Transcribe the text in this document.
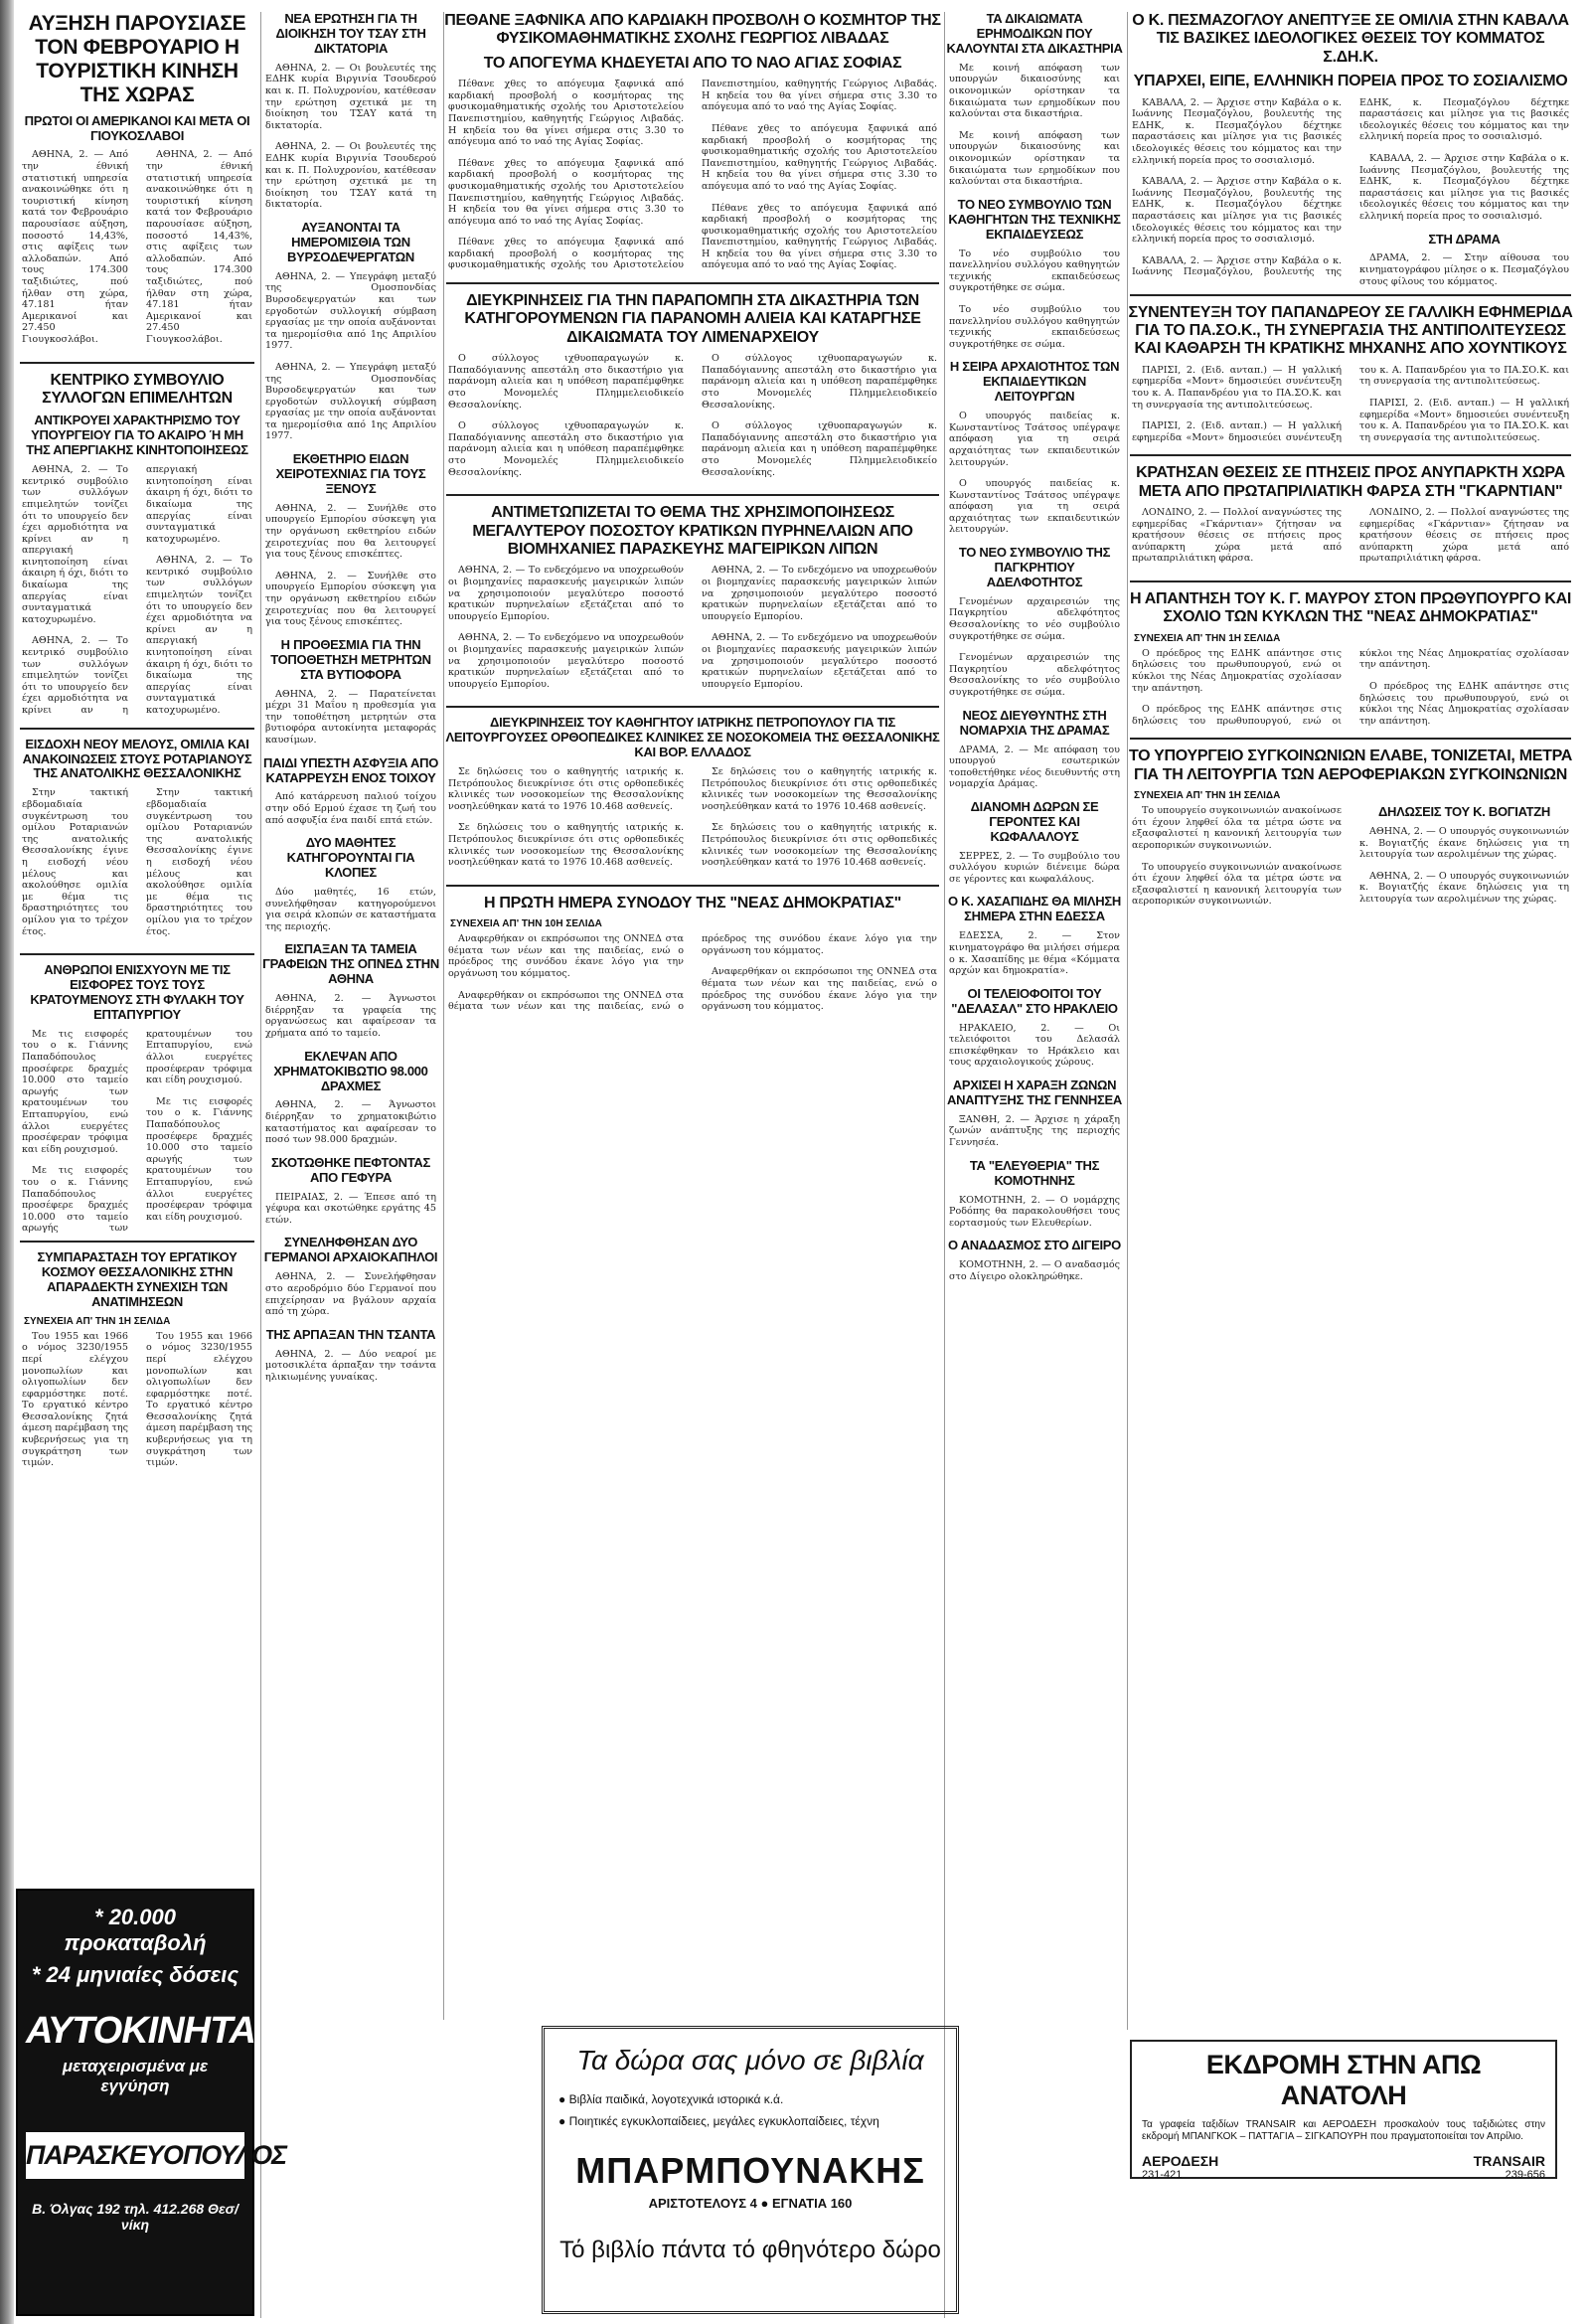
ΑΥΞΗΣΗ ΠΑΡΟΥΣΙΑΣΕ ΤΟΝ ΦΕΒΡΟΥΑΡΙΟ Η ΤΟΥΡΙΣΤΙΚΗ ΚΙΝΗΣΗ ΤΗΣ ΧΩΡΑΣ
ΠΡΩΤΟΙ ΟΙ ΑΜΕΡΙΚΑΝΟΙ ΚΑΙ ΜΕΤΑ ΟΙ ΓΙΟΥΚΟΣΛΑΒΟΙ

ΑΘΗΝΑ, 2. — Από την έθνική στατιστική υπηρεσία ανακοινώθηκε ότι η τουριστική κίνηση κατά τον Φεβρουάριο παρουσίασε αύξηση, ποσοστό 14,43%, στις αφίξεις των αλλοδαπών. Από τους 174.300 ταξιδιώτες, πού ήλθαν στη χώρα, 47.181 ήταν Αμερικανοί και 27.450 Γιουγκοσλάβοι.

ΑΘΗΝΑ, 2. — Από την έθνική στατιστική υπηρεσία ανακοινώθηκε ότι η τουριστική κίνηση κατά τον Φεβρουάριο παρουσίασε αύξηση, ποσοστό 14,43%, στις αφίξεις των αλλοδαπών. Από τους 174.300 ταξιδιώτες, πού ήλθαν στη χώρα, 47.181 ήταν Αμερικανοί και 27.450 Γιουγκοσλάβοι.

ΚΕΝΤΡΙΚΟ ΣΥΜΒΟΥΛΙΟ ΣΥΛΛΟΓΩΝ ΕΠΙΜΕΛΗΤΩΝ
ΑΝΤΙΚΡΟΥΕΙ ΧΑΡΑΚΤΗΡΙΣΜΟ ΤΟΥ ΥΠΟΥΡΓΕΙΟΥ ΓΙΑ ΤΟ ΑΚΑΙΡΟ Ή ΜΗ ΤΗΣ ΑΠΕΡΓΙΑΚΗΣ ΚΙΝΗΤΟΠΟΙΗΣΕΩΣ

ΑΘΗΝΑ, 2. — Το κεντρικό συμβούλιο των συλλόγων επιμελητών τονίζει ότι το υπουργείο δεν έχει αρμοδιότητα να κρίνει αν η απεργιακή κινητοποίηση είναι άκαιρη ή όχι, διότι το δικαίωμα της απεργίας είναι συνταγματικά κατοχυρωμένο.

ΑΘΗΝΑ, 2. — Το κεντρικό συμβούλιο των συλλόγων επιμελητών τονίζει ότι το υπουργείο δεν έχει αρμοδιότητα να κρίνει αν η απεργιακή κινητοποίηση είναι άκαιρη ή όχι, διότι το δικαίωμα της απεργίας είναι συνταγματικά κατοχυρωμένο.

ΑΘΗΝΑ, 2. — Το κεντρικό συμβούλιο των συλλόγων επιμελητών τονίζει ότι το υπουργείο δεν έχει αρμοδιότητα να κρίνει αν η απεργιακή κινητοποίηση είναι άκαιρη ή όχι, διότι το δικαίωμα της απεργίας είναι συνταγματικά κατοχυρωμένο.

ΕΙΣΔΟΧΗ ΝΕΟΥ ΜΕΛΟΥΣ, ΟΜΙΛΙΑ ΚΑΙ ΑΝΑΚΟΙΝΩΣΕΙΣ ΣΤΟΥΣ ΡΟΤΑΡΙΑΝΟΥΣ ΤΗΣ ΑΝΑΤΟΛΙΚΗΣ ΘΕΣΣΑΛΟΝΙΚΗΣ

Στην τακτική εβδομαδιαία συγκέντρωση του ομίλου Ροταριανών της ανατολικής Θεσσαλονίκης έγινε η εισδοχή νέου μέλους και ακολούθησε ομιλία με θέμα τις δραστηριότητες του ομίλου για το τρέχον έτος.

Στην τακτική εβδομαδιαία συγκέντρωση του ομίλου Ροταριανών της ανατολικής Θεσσαλονίκης έγινε η εισδοχή νέου μέλους και ακολούθησε ομιλία με θέμα τις δραστηριότητες του ομίλου για το τρέχον έτος.

ΑΝΘΡΩΠΟΙ ΕΝΙΣΧΥΟΥΝ ΜΕ ΤΙΣ ΕΙΣΦΟΡΕΣ ΤΟΥΣ ΤΟΥΣ ΚΡΑΤΟΥΜΕΝΟΥΣ ΣΤΗ ΦΥΛΑΚΗ ΤΟΥ ΕΠΤΑΠΥΡΓΙΟΥ

Με τις εισφορές του ο κ. Γιάννης Παπαδόπουλος προσέφερε δραχμές 10.000 στο ταμείο αρωγής των κρατουμένων του Επταπυργίου, ενώ άλλοι ευεργέτες προσέφεραν τρόφιμα και είδη ρουχισμού.

Με τις εισφορές του ο κ. Γιάννης Παπαδόπουλος προσέφερε δραχμές 10.000 στο ταμείο αρωγής των κρατουμένων του Επταπυργίου, ενώ άλλοι ευεργέτες προσέφεραν τρόφιμα και είδη ρουχισμού.

Με τις εισφορές του ο κ. Γιάννης Παπαδόπουλος προσέφερε δραχμές 10.000 στο ταμείο αρωγής των κρατουμένων του Επταπυργίου, ενώ άλλοι ευεργέτες προσέφεραν τρόφιμα και είδη ρουχισμού.

ΣΥΜΠΑΡΑΣΤΑΣΗ ΤΟΥ ΕΡΓΑΤΙΚΟΥ ΚΟΣΜΟΥ ΘΕΣΣΑΛΟΝΙΚΗΣ ΣΤΗΝ ΑΠΑΡΑΔΕΚΤΗ ΣΥΝΕΧΙΣΗ ΤΩΝ ΑΝΑΤΙΜΗΣΕΩΝ
ΣΥΝΕΧΕΙΑ ΑΠ' ΤΗΝ 1Η ΣΕΛΙΔΑ

Του 1955 και 1966 ο νόμος 3230/1955 περί ελέγχου μονοπωλίων και ολιγοπωλίων δεν εφαρμόστηκε ποτέ. Το εργατικό κέντρο Θεσσαλονίκης ζητά άμεση παρέμβαση της κυβερνήσεως για τη συγκράτηση των τιμών.

Του 1955 και 1966 ο νόμος 3230/1955 περί ελέγχου μονοπωλίων και ολιγοπωλίων δεν εφαρμόστηκε ποτέ. Το εργατικό κέντρο Θεσσαλονίκης ζητά άμεση παρέμβαση της κυβερνήσεως για τη συγκράτηση των τιμών.

ΝΕΑ ΕΡΩΤΗΣΗ ΓΙΑ ΤΗ ΔΙΟΙΚΗΣΗ ΤΟΥ ΤΣΑΥ ΣΤΗ ΔΙΚΤΑΤΟΡΙΑ

ΑΘΗΝΑ, 2. — Οι βουλευτές της ΕΔΗΚ κυρία Βιργινία Τσουδερού και κ. Π. Πολυχρονίου, κατέθεσαν την ερώτηση σχετικά με τη διοίκηση του ΤΣΑΥ κατά τη δικτατορία.

ΑΘΗΝΑ, 2. — Οι βουλευτές της ΕΔΗΚ κυρία Βιργινία Τσουδερού και κ. Π. Πολυχρονίου, κατέθεσαν την ερώτηση σχετικά με τη διοίκηση του ΤΣΑΥ κατά τη δικτατορία.

ΑΥΞΑΝΟΝΤΑΙ ΤΑ ΗΜΕΡΟΜΙΣΘΙΑ ΤΩΝ ΒΥΡΣΟΔΕΨΕΡΓΑΤΩΝ

ΑΘΗΝΑ, 2. — Υπεγράφη μεταξύ της Ομοσπονδίας Βυρσοδεψεργατών και των εργοδοτών συλλογική σύμβαση εργασίας με την οποία αυξάνονται τα ημερομίσθια από 1ης Απριλίου 1977.

ΑΘΗΝΑ, 2. — Υπεγράφη μεταξύ της Ομοσπονδίας Βυρσοδεψεργατών και των εργοδοτών συλλογική σύμβαση εργασίας με την οποία αυξάνονται τα ημερομίσθια από 1ης Απριλίου 1977.

ΕΚΘΕΤΗΡΙΟ ΕΙΔΩΝ ΧΕΙΡΟΤΕΧΝΙΑΣ ΓΙΑ ΤΟΥΣ ΞΕΝΟΥΣ

ΑΘΗΝΑ, 2. — Συνήλθε στο υπουργείο Εμπορίου σύσκεψη για την οργάνωση εκθετηρίου ειδών χειροτεχνίας που θα λειτουργεί για τους ξένους επισκέπτες.

ΑΘΗΝΑ, 2. — Συνήλθε στο υπουργείο Εμπορίου σύσκεψη για την οργάνωση εκθετηρίου ειδών χειροτεχνίας που θα λειτουργεί για τους ξένους επισκέπτες.

Η ΠΡΟΘΕΣΜΙΑ ΓΙΑ ΤΗΝ ΤΟΠΟΘΕΤΗΣΗ ΜΕΤΡΗΤΩΝ ΣΤΑ ΒΥΤΙΟΦΟΡΑ

ΑΘΗΝΑ, 2. — Παρατείνεται μέχρι 31 Μαΐου η προθεσμία για την τοποθέτηση μετρητών στα βυτιοφόρα αυτοκίνητα μεταφοράς καυσίμων.

ΠΑΙΔΙ ΥΠΕΣΤΗ ΑΣΦΥΞΙΑ ΑΠΟ ΚΑΤΑΡΡΕΥΣΗ ΕΝΟΣ ΤΟΙΧΟΥ

Από κατάρρευση παλιού τοίχου στην οδό Ερμού έχασε τη ζωή του από ασφυξία ένα παιδί επτά ετών.

ΔΥΟ ΜΑΘΗΤΕΣ ΚΑΤΗΓΟΡΟΥΝΤΑΙ ΓΙΑ ΚΛΟΠΕΣ

Δύο μαθητές, 16 ετών, συνελήφθησαν κατηγορούμενοι για σειρά κλοπών σε καταστήματα της περιοχής.

ΕΙΣΠΑΞΑΝ ΤΑ ΤΑΜΕΙΑ ΓΡΑΦΕΙΩΝ ΤΗΣ ΟΠΝΕΔ ΣΤΗΝ ΑΘΗΝΑ

ΑΘΗΝΑ, 2. — Άγνωστοι διέρρηξαν τα γραφεία της οργανώσεως και αφαίρεσαν τα χρήματα από το ταμείο.

ΕΚΛΕΨΑΝ ΑΠΟ ΧΡΗΜΑΤΟΚΙΒΩΤΙΟ 98.000 ΔΡΑΧΜΕΣ

ΑΘΗΝΑ, 2. — Άγνωστοι διέρρηξαν το χρηματοκιβώτιο καταστήματος και αφαίρεσαν το ποσό των 98.000 δραχμών.

ΣΚΟΤΩΘΗΚΕ ΠΕΦΤΟΝΤΑΣ ΑΠΟ ΓΕΦΥΡΑ

ΠΕΙΡΑΙΑΣ, 2. — Έπεσε από τη γέφυρα και σκοτώθηκε εργάτης 45 ετών.

ΣΥΝΕΛΗΦΘΗΣΑΝ ΔΥΟ ΓΕΡΜΑΝΟΙ ΑΡΧΑΙΟΚΑΠΗΛΟΙ

ΑΘΗΝΑ, 2. — Συνελήφθησαν στο αεροδρόμιο δύο Γερμανοί που επιχείρησαν να βγάλουν αρχαία από τη χώρα.

ΤΗΣ ΑΡΠΑΞΑΝ ΤΗΝ ΤΣΑΝΤΑ

ΑΘΗΝΑ, 2. — Δύο νεαροί με μοτοσικλέτα άρπαξαν την τσάντα ηλικιωμένης γυναίκας.

ΠΕΘΑΝΕ ΞΑΦΝΙΚΑ ΑΠΟ ΚΑΡΔΙΑΚΗ ΠΡΟΣΒΟΛΗ Ο ΚΟΣΜΗΤΟΡ ΤΗΣ ΦΥΣΙΚΟΜΑΘΗΜΑΤΙΚΗΣ ΣΧΟΛΗΣ ΓΕΩΡΓΙΟΣ ΛΙΒΑΔΑΣ
ΤΟ ΑΠΟΓΕΥΜΑ ΚΗΔΕΥΕΤΑΙ ΑΠΟ ΤΟ ΝΑΟ ΑΓΙΑΣ ΣΟΦΙΑΣ

Πέθανε χθες το απόγευμα ξαφνικά από καρδιακή προσβολή ο κοσμήτορας της φυσικομαθηματικής σχολής του Αριστοτελείου Πανεπιστημίου, καθηγητής Γεώργιος Λιβαδάς. Η κηδεία του θα γίνει σήμερα στις 3.30 το απόγευμα από το ναό της Αγίας Σοφίας.

Πέθανε χθες το απόγευμα ξαφνικά από καρδιακή προσβολή ο κοσμήτορας της φυσικομαθηματικής σχολής του Αριστοτελείου Πανεπιστημίου, καθηγητής Γεώργιος Λιβαδάς. Η κηδεία του θα γίνει σήμερα στις 3.30 το απόγευμα από το ναό της Αγίας Σοφίας.

Πέθανε χθες το απόγευμα ξαφνικά από καρδιακή προσβολή ο κοσμήτορας της φυσικομαθηματικής σχολής του Αριστοτελείου Πανεπιστημίου, καθηγητής Γεώργιος Λιβαδάς. Η κηδεία του θα γίνει σήμερα στις 3.30 το απόγευμα από το ναό της Αγίας Σοφίας.

Πέθανε χθες το απόγευμα ξαφνικά από καρδιακή προσβολή ο κοσμήτορας της φυσικομαθηματικής σχολής του Αριστοτελείου Πανεπιστημίου, καθηγητής Γεώργιος Λιβαδάς. Η κηδεία του θα γίνει σήμερα στις 3.30 το απόγευμα από το ναό της Αγίας Σοφίας.

Πέθανε χθες το απόγευμα ξαφνικά από καρδιακή προσβολή ο κοσμήτορας της φυσικομαθηματικής σχολής του Αριστοτελείου Πανεπιστημίου, καθηγητής Γεώργιος Λιβαδάς. Η κηδεία του θα γίνει σήμερα στις 3.30 το απόγευμα από το ναό της Αγίας Σοφίας.

ΔΙΕΥΚΡΙΝΗΣΕΙΣ ΓΙΑ ΤΗΝ ΠΑΡΑΠΟΜΠΗ ΣΤΑ ΔΙΚΑΣΤΗΡΙΑ ΤΩΝ ΚΑΤΗΓΟΡΟΥΜΕΝΩΝ ΓΙΑ ΠΑΡΑΝΟΜΗ ΑΛΙΕΙΑ ΚΑΙ ΚΑΤΑΡΓΗΣΕ ΔΙΚΑΙΩΜΑΤΑ ΤΟΥ ΛΙΜΕΝΑΡΧΕΙΟΥ

Ο σύλλογος ιχθυοπαραγωγών κ. Παπαδόγιαννης απεστάλη στο δικαστήριο για παράνομη αλιεία και η υπόθεση παραπέμφθηκε στο Μονομελές Πλημμελειοδικείο Θεσσαλονίκης.

Ο σύλλογος ιχθυοπαραγωγών κ. Παπαδόγιαννης απεστάλη στο δικαστήριο για παράνομη αλιεία και η υπόθεση παραπέμφθηκε στο Μονομελές Πλημμελειοδικείο Θεσσαλονίκης.

Ο σύλλογος ιχθυοπαραγωγών κ. Παπαδόγιαννης απεστάλη στο δικαστήριο για παράνομη αλιεία και η υπόθεση παραπέμφθηκε στο Μονομελές Πλημμελειοδικείο Θεσσαλονίκης.

Ο σύλλογος ιχθυοπαραγωγών κ. Παπαδόγιαννης απεστάλη στο δικαστήριο για παράνομη αλιεία και η υπόθεση παραπέμφθηκε στο Μονομελές Πλημμελειοδικείο Θεσσαλονίκης.

ΑΝΤΙΜΕΤΩΠΙΖΕΤΑΙ ΤΟ ΘΕΜΑ ΤΗΣ ΧΡΗΣΙΜΟΠΟΙΗΣΕΩΣ ΜΕΓΑΛΥΤΕΡΟΥ ΠΟΣΟΣΤΟΥ ΚΡΑΤΙΚΩΝ ΠΥΡΗΝΕΛΑΙΩΝ ΑΠΟ ΒΙΟΜΗΧΑΝΙΕΣ ΠΑΡΑΣΚΕΥΗΣ ΜΑΓΕΙΡΙΚΩΝ ΛΙΠΩΝ

ΑΘΗΝΑ, 2. — Το ενδεχόμενο να υποχρεωθούν οι βιομηχανίες παρασκευής μαγειρικών λιπών να χρησιμοποιούν μεγαλύτερο ποσοστό κρατικών πυρηνελαίων εξετάζεται από το υπουργείο Εμπορίου.

ΑΘΗΝΑ, 2. — Το ενδεχόμενο να υποχρεωθούν οι βιομηχανίες παρασκευής μαγειρικών λιπών να χρησιμοποιούν μεγαλύτερο ποσοστό κρατικών πυρηνελαίων εξετάζεται από το υπουργείο Εμπορίου.

ΑΘΗΝΑ, 2. — Το ενδεχόμενο να υποχρεωθούν οι βιομηχανίες παρασκευής μαγειρικών λιπών να χρησιμοποιούν μεγαλύτερο ποσοστό κρατικών πυρηνελαίων εξετάζεται από το υπουργείο Εμπορίου.

ΑΘΗΝΑ, 2. — Το ενδεχόμενο να υποχρεωθούν οι βιομηχανίες παρασκευής μαγειρικών λιπών να χρησιμοποιούν μεγαλύτερο ποσοστό κρατικών πυρηνελαίων εξετάζεται από το υπουργείο Εμπορίου.

ΔΙΕΥΚΡΙΝΗΣΕΙΣ ΤΟΥ ΚΑΘΗΓΗΤΟΥ ΙΑΤΡΙΚΗΣ ΠΕΤΡΟΠΟΥΛΟΥ ΓΙΑ ΤΙΣ ΛΕΙΤΟΥΡΓΟΥΣΕΣ ΟΡΘΟΠΕΔΙΚΕΣ ΚΛΙΝΙΚΕΣ ΣΕ ΝΟΣΟΚΟΜΕΙΑ ΤΗΣ ΘΕΣΣΑΛΟΝΙΚΗΣ ΚΑΙ ΒΟΡ. ΕΛΛΑΔΟΣ

Σε δηλώσεις του ο καθηγητής ιατρικής κ. Πετρόπουλος διευκρίνισε ότι στις ορθοπεδικές κλινικές των νοσοκομείων της Θεσσαλονίκης νοσηλεύθηκαν κατά το 1976 10.468 ασθενείς.

Σε δηλώσεις του ο καθηγητής ιατρικής κ. Πετρόπουλος διευκρίνισε ότι στις ορθοπεδικές κλινικές των νοσοκομείων της Θεσσαλονίκης νοσηλεύθηκαν κατά το 1976 10.468 ασθενείς.

Σε δηλώσεις του ο καθηγητής ιατρικής κ. Πετρόπουλος διευκρίνισε ότι στις ορθοπεδικές κλινικές των νοσοκομείων της Θεσσαλονίκης νοσηλεύθηκαν κατά το 1976 10.468 ασθενείς.

Σε δηλώσεις του ο καθηγητής ιατρικής κ. Πετρόπουλος διευκρίνισε ότι στις ορθοπεδικές κλινικές των νοσοκομείων της Θεσσαλονίκης νοσηλεύθηκαν κατά το 1976 10.468 ασθενείς.

Η ΠΡΩΤΗ ΗΜΕΡΑ ΣΥΝΟΔΟΥ ΤΗΣ "ΝΕΑΣ ΔΗΜΟΚΡΑΤΙΑΣ"
ΣΥΝΕΧΕΙΑ ΑΠ' ΤΗΝ 10Η ΣΕΛΙΔΑ

Αναφερθήκαν οι εκπρόσωποι της ΟΝΝΕΔ στα θέματα των νέων και της παιδείας, ενώ ο πρόεδρος της συνόδου έκανε λόγο για την οργάνωση του κόμματος.

Αναφερθήκαν οι εκπρόσωποι της ΟΝΝΕΔ στα θέματα των νέων και της παιδείας, ενώ ο πρόεδρος της συνόδου έκανε λόγο για την οργάνωση του κόμματος.

Αναφερθήκαν οι εκπρόσωποι της ΟΝΝΕΔ στα θέματα των νέων και της παιδείας, ενώ ο πρόεδρος της συνόδου έκανε λόγο για την οργάνωση του κόμματος.

ΤΑ ΔΙΚΑΙΩΜΑΤΑ ΕΡΗΜΟΔΙΚΩΝ ΠΟΥ ΚΑΛΟΥΝΤΑΙ ΣΤΑ ΔΙΚΑΣΤΗΡΙΑ

Με κοινή απόφαση των υπουργών δικαιοσύνης και οικονομικών ορίστηκαν τα δικαιώματα των ερημοδίκων που καλούνται στα δικαστήρια.

Με κοινή απόφαση των υπουργών δικαιοσύνης και οικονομικών ορίστηκαν τα δικαιώματα των ερημοδίκων που καλούνται στα δικαστήρια.

ΤΟ ΝΕΟ ΣΥΜΒΟΥΛΙΟ ΤΩΝ ΚΑΘΗΓΗΤΩΝ ΤΗΣ ΤΕΧΝΙΚΗΣ ΕΚΠΑΙΔΕΥΣΕΩΣ

Το νέο συμβούλιο του πανελληνίου συλλόγου καθηγητών τεχνικής εκπαιδεύσεως συγκροτήθηκε σε σώμα.

Το νέο συμβούλιο του πανελληνίου συλλόγου καθηγητών τεχνικής εκπαιδεύσεως συγκροτήθηκε σε σώμα.

Η ΣΕΙΡΑ ΑΡΧΑΙΟΤΗΤΟΣ ΤΩΝ ΕΚΠΑΙΔΕΥΤΙΚΩΝ ΛΕΙΤΟΥΡΓΩΝ

Ο υπουργός παιδείας κ. Κωνσταντίνος Τσάτσος υπέγραψε απόφαση για τη σειρά αρχαιότητας των εκπαιδευτικών λειτουργών.

Ο υπουργός παιδείας κ. Κωνσταντίνος Τσάτσος υπέγραψε απόφαση για τη σειρά αρχαιότητας των εκπαιδευτικών λειτουργών.

ΤΟ ΝΕΟ ΣΥΜΒΟΥΛΙΟ ΤΗΣ ΠΑΓΚΡΗΤΙΟΥ ΑΔΕΛΦΟΤΗΤΟΣ

Γενομένων αρχαιρεσιών της Παγκρητίου αδελφότητος Θεσσαλονίκης το νέο συμβούλιο συγκροτήθηκε σε σώμα.

Γενομένων αρχαιρεσιών της Παγκρητίου αδελφότητος Θεσσαλονίκης το νέο συμβούλιο συγκροτήθηκε σε σώμα.

ΝΕΟΣ ΔΙΕΥΘΥΝΤΗΣ ΣΤΗ ΝΟΜΑΡΧΙΑ ΤΗΣ ΔΡΑΜΑΣ

ΔΡΑΜΑ, 2. — Με απόφαση του υπουργού εσωτερικών τοποθετήθηκε νέος διευθυντής στη νομαρχία Δράμας.

ΔΙΑΝΟΜΗ ΔΩΡΩΝ ΣΕ ΓΕΡΟΝΤΕΣ ΚΑΙ ΚΩΦΑΛΑΛΟΥΣ

ΣΕΡΡΕΣ, 2. — Το συμβούλιο του συλλόγου κυριών διένειμε δώρα σε γέροντες και κωφαλάλους.

Ο Κ. ΧΑΣΑΠΙΔΗΣ ΘΑ ΜΙΛΗΣΗ ΣΗΜΕΡΑ ΣΤΗΝ ΕΔΕΣΣΑ

ΕΔΕΣΣΑ, 2. — Στον κινηματογράφο θα μιλήσει σήμερα ο κ. Χασαπίδης με θέμα «Κόμματα αρχών και δημοκρατία».

ΟΙ ΤΕΛΕΙΟΦΟΙΤΟΙ ΤΟΥ "ΔΕΛΑΣΑΛ" ΣΤΟ ΗΡΑΚΛΕΙΟ

ΗΡΑΚΛΕΙΟ, 2. — Οι τελειόφοιτοι του Δελασάλ επισκέφθηκαν το Ηράκλειο και τους αρχαιολογικούς χώρους.

ΑΡΧΙΣΕΙ Η ΧΑΡΑΞΗ ΖΩΝΩΝ ΑΝΑΠΤΥΞΗΣ ΤΗΣ ΓΕΝΝΗΣΕΑ

ΞΑΝΘΗ, 2. — Άρχισε η χάραξη ζωνών ανάπτυξης της περιοχής Γεννησέα.

ΤΑ "ΕΛΕΥΘΕΡΙΑ" ΤΗΣ ΚΟΜΟΤΗΝΗΣ

ΚΟΜΟΤΗΝΗ, 2. — Ο νομάρχης Ροδόπης θα παρακολουθήσει τους εορτασμούς των Ελευθερίων.

Ο ΑΝΑΔΑΣΜΟΣ ΣΤΟ ΔΙΓΕΙΡΟ

ΚΟΜΟΤΗΝΗ, 2. — Ο αναδασμός στο Δίγειρο ολοκληρώθηκε.

Ο Κ. ΠΕΣΜΑΖΟΓΛΟΥ ΑΝΕΠΤΥΞΕ ΣΕ ΟΜΙΛΙΑ ΣΤΗΝ ΚΑΒΑΛΑ ΤΙΣ ΒΑΣΙΚΕΣ ΙΔΕΟΛΟΓΙΚΕΣ ΘΕΣΕΙΣ ΤΟΥ ΚΟΜΜΑΤΟΣ Σ.ΔΗ.Κ.
ΥΠΑΡΧΕΙ, ΕΙΠΕ, ΕΛΛΗΝΙΚΗ ΠΟΡΕΙΑ ΠΡΟΣ ΤΟ ΣΟΣΙΑΛΙΣΜΟ

ΚΑΒΑΛΑ, 2. — Άρχισε στην Καβάλα ο κ. Ιωάννης Πεσμαζόγλου, βουλευτής της ΕΔΗΚ, κ. Πεσμαζόγλου δέχτηκε παραστάσεις και μίλησε για τις βασικές ιδεολογικές θέσεις του κόμματος και την ελληνική πορεία προς το σοσιαλισμό.

ΚΑΒΑΛΑ, 2. — Άρχισε στην Καβάλα ο κ. Ιωάννης Πεσμαζόγλου, βουλευτής της ΕΔΗΚ, κ. Πεσμαζόγλου δέχτηκε παραστάσεις και μίλησε για τις βασικές ιδεολογικές θέσεις του κόμματος και την ελληνική πορεία προς το σοσιαλισμό.

ΚΑΒΑΛΑ, 2. — Άρχισε στην Καβάλα ο κ. Ιωάννης Πεσμαζόγλου, βουλευτής της ΕΔΗΚ, κ. Πεσμαζόγλου δέχτηκε παραστάσεις και μίλησε για τις βασικές ιδεολογικές θέσεις του κόμματος και την ελληνική πορεία προς το σοσιαλισμό.

ΚΑΒΑΛΑ, 2. — Άρχισε στην Καβάλα ο κ. Ιωάννης Πεσμαζόγλου, βουλευτής της ΕΔΗΚ, κ. Πεσμαζόγλου δέχτηκε παραστάσεις και μίλησε για τις βασικές ιδεολογικές θέσεις του κόμματος και την ελληνική πορεία προς το σοσιαλισμό.

ΣΤΗ ΔΡΑΜΑ

ΔΡΑΜΑ, 2. — Στην αίθουσα του κινηματογράφου μίλησε ο κ. Πεσμαζόγλου στους φίλους του κόμματος.

ΣΥΝΕΝΤΕΥΞΗ ΤΟΥ ΠΑΠΑΝΔΡΕΟΥ ΣΕ ΓΑΛΛΙΚΗ ΕΦΗΜΕΡΙΔΑ ΓΙΑ ΤΟ ΠΑ.ΣΟ.Κ., ΤΗ ΣΥΝΕΡΓΑΣΙΑ ΤΗΣ ΑΝΤΙΠΟΛΙΤΕΥΣΕΩΣ ΚΑΙ ΚΑΘΑΡΣΗ ΤΗ ΚΡΑΤΙΚΗΣ ΜΗΧΑΝΗΣ ΑΠΟ ΧΟΥΝΤΙΚΟΥΣ

ΠΑΡΙΣΙ, 2. (Ειδ. ανταπ.) — Η γαλλική εφημερίδα «Μοντ» δημοσιεύει συνέντευξη του κ. Α. Παπανδρέου για το ΠΑ.ΣΟ.Κ. και τη συνεργασία της αντιπολιτεύσεως.

ΠΑΡΙΣΙ, 2. (Ειδ. ανταπ.) — Η γαλλική εφημερίδα «Μοντ» δημοσιεύει συνέντευξη του κ. Α. Παπανδρέου για το ΠΑ.ΣΟ.Κ. και τη συνεργασία της αντιπολιτεύσεως.

ΠΑΡΙΣΙ, 2. (Ειδ. ανταπ.) — Η γαλλική εφημερίδα «Μοντ» δημοσιεύει συνέντευξη του κ. Α. Παπανδρέου για το ΠΑ.ΣΟ.Κ. και τη συνεργασία της αντιπολιτεύσεως.

ΚΡΑΤΗΣΑΝ ΘΕΣΕΙΣ ΣΕ ΠΤΗΣΕΙΣ ΠΡΟΣ ΑΝΥΠΑΡΚΤΗ ΧΩΡΑ ΜΕΤΑ ΑΠΟ ΠΡΩΤΑΠΡΙΛΙΑΤΙΚΗ ΦΑΡΣΑ ΣΤΗ "ΓΚΑΡΝΤΙΑΝ"

ΛΟΝΔΙΝΟ, 2. — Πολλοί αναγνώστες της εφημερίδας «Γκάρντιαν» ζήτησαν να κρατήσουν θέσεις σε πτήσεις προς ανύπαρκτη χώρα μετά από πρωταπριλιάτικη φάρσα.

ΛΟΝΔΙΝΟ, 2. — Πολλοί αναγνώστες της εφημερίδας «Γκάρντιαν» ζήτησαν να κρατήσουν θέσεις σε πτήσεις προς ανύπαρκτη χώρα μετά από πρωταπριλιάτικη φάρσα.

Η ΑΠΑΝΤΗΣΗ ΤΟΥ Κ. Γ. ΜΑΥΡΟΥ ΣΤΟΝ ΠΡΩΘΥΠΟΥΡΓΟ ΚΑΙ ΣΧΟΛΙΟ ΤΩΝ ΚΥΚΛΩΝ ΤΗΣ "ΝΕΑΣ ΔΗΜΟΚΡΑΤΙΑΣ"
ΣΥΝΕΧΕΙΑ ΑΠ' ΤΗΝ 1Η ΣΕΛΙΔΑ

Ο πρόεδρος της ΕΔΗΚ απάντησε στις δηλώσεις του πρωθυπουργού, ενώ οι κύκλοι της Νέας Δημοκρατίας σχολίασαν την απάντηση.

Ο πρόεδρος της ΕΔΗΚ απάντησε στις δηλώσεις του πρωθυπουργού, ενώ οι κύκλοι της Νέας Δημοκρατίας σχολίασαν την απάντηση.

Ο πρόεδρος της ΕΔΗΚ απάντησε στις δηλώσεις του πρωθυπουργού, ενώ οι κύκλοι της Νέας Δημοκρατίας σχολίασαν την απάντηση.

ΤΟ ΥΠΟΥΡΓΕΙΟ ΣΥΓΚΟΙΝΩΝΙΩΝ ΕΛΑΒΕ, ΤΟΝΙΖΕΤΑΙ, ΜΕΤΡΑ ΓΙΑ ΤΗ ΛΕΙΤΟΥΡΓΙΑ ΤΩΝ ΑΕΡΟΦΕΡΙΑΚΩΝ ΣΥΓΚΟΙΝΩΝΙΩΝ
ΣΥΝΕΧΕΙΑ ΑΠ' ΤΗΝ 1Η ΣΕΛΙΔΑ

Το υπουργείο συγκοινωνιών ανακοίνωσε ότι έχουν ληφθεί όλα τα μέτρα ώστε να εξασφαλιστεί η κανονική λειτουργία των αεροπορικών συγκοινωνιών.

Το υπουργείο συγκοινωνιών ανακοίνωσε ότι έχουν ληφθεί όλα τα μέτρα ώστε να εξασφαλιστεί η κανονική λειτουργία των αεροπορικών συγκοινωνιών.

ΔΗΛΩΣΕΙΣ ΤΟΥ Κ. ΒΟΓΙΑΤΖΗ

ΑΘΗΝΑ, 2. — Ο υπουργός συγκοινωνιών κ. Βογιατζής έκανε δηλώσεις για τη λειτουργία των αερολιμένων της χώρας.

ΑΘΗΝΑ, 2. — Ο υπουργός συγκοινωνιών κ. Βογιατζής έκανε δηλώσεις για τη λειτουργία των αερολιμένων της χώρας.

* 20.000 προκαταβολή
* 24 μηνιαίες δόσεις
ΑΥΤΟΚΙΝΗΤΑ
μεταχειρισμένα με εγγύηση
ΠΑΡΑΣΚΕΥΟΠΟΥΛΟΣ
Β. Όλγας 192 τηλ. 412.268 Θεσ/νίκη
Τα δώρα σας μόνο σε βιβλία
● Βιβλία παιδικά, λογοτεχνικά ιστορικά κ.ά.
● Ποιητικές εγκυκλοπαίδειες, μεγάλες εγκυκλοπαίδειες, τέχνη
ΜΠΑΡΜΠΟΥΝΑΚΗΣ
ΑΡΙΣΤΟΤΕΛΟΥΣ 4 ● ΕΓΝΑΤΙΑ 160
Τό βιβλίο πάντα τό φθηνότερο δώρο
ΕΚΔΡΟΜΗ ΣΤΗΝ ΑΠΩ ΑΝΑΤΟΛΗ
Τα γραφεία ταξιδίων TRANSAIR και ΑΕΡΟΔΕΣΗ προσκαλούν τους ταξιδιώτες στην εκδρομή ΜΠΑΝΓΚΟΚ – ΠΑΤΤΑΓΙΑ – ΣΙΓΚΑΠΟΥΡΗ που πραγματοποιείται τον Απρίλιο.
ΑΕΡΟΔΕΣΗ
231-421
TRANSAIR
239-656
